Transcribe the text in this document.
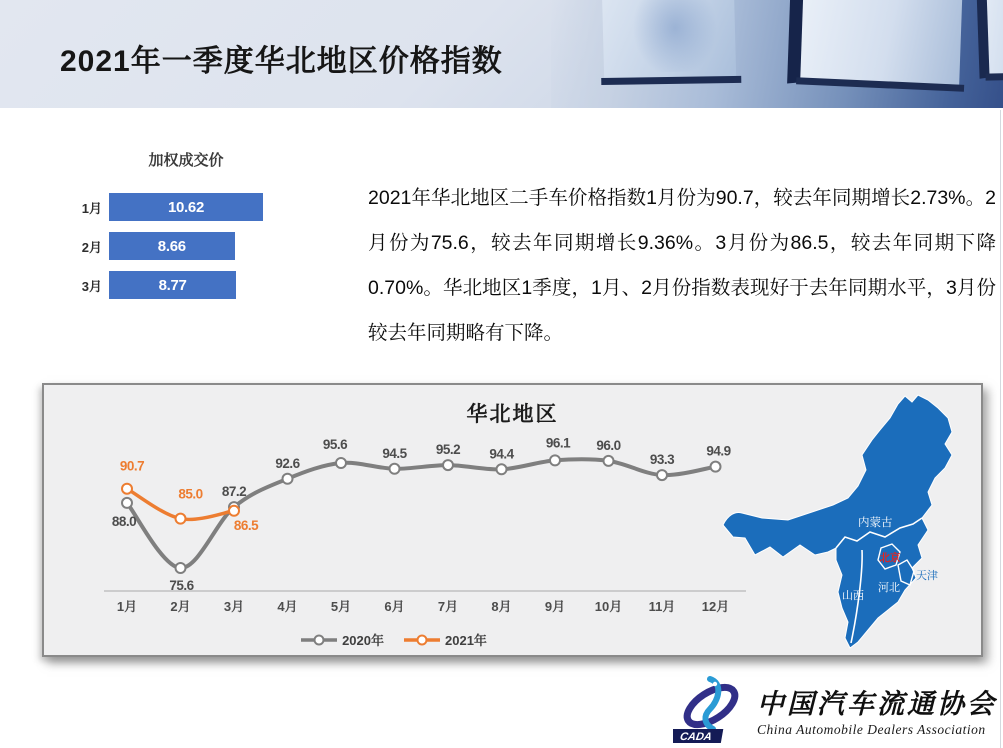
2021年一季度华北地区价格指数
加权成交价
1月	10.62
2月	8.66
3月	8.77
2021年华北地区二手车价格指数1月份为90.7，较去年同期增长2.73%。2月份为75.6，较去年同期增长9.36%。3月份为86.5，较去年同期下降0.70%。华北地区1季度，1月、2月份指数表现好于去年同期水平，3月份较去年同期略有下降。
华北地区
1月	2月	3月	4月	5月	6月	7月	8月	9月 10月 11月 12月
88.0
75.6
87.2
92.6
95.6
94.5 95.2 94.4
96.1 96.0
93.3
94.9
90.7
85.0
86.5	内蒙古
山西
河北
北京
天津
2020年	2021年
CADA
中国汽车流通协会
China Automobile Dealers Association
